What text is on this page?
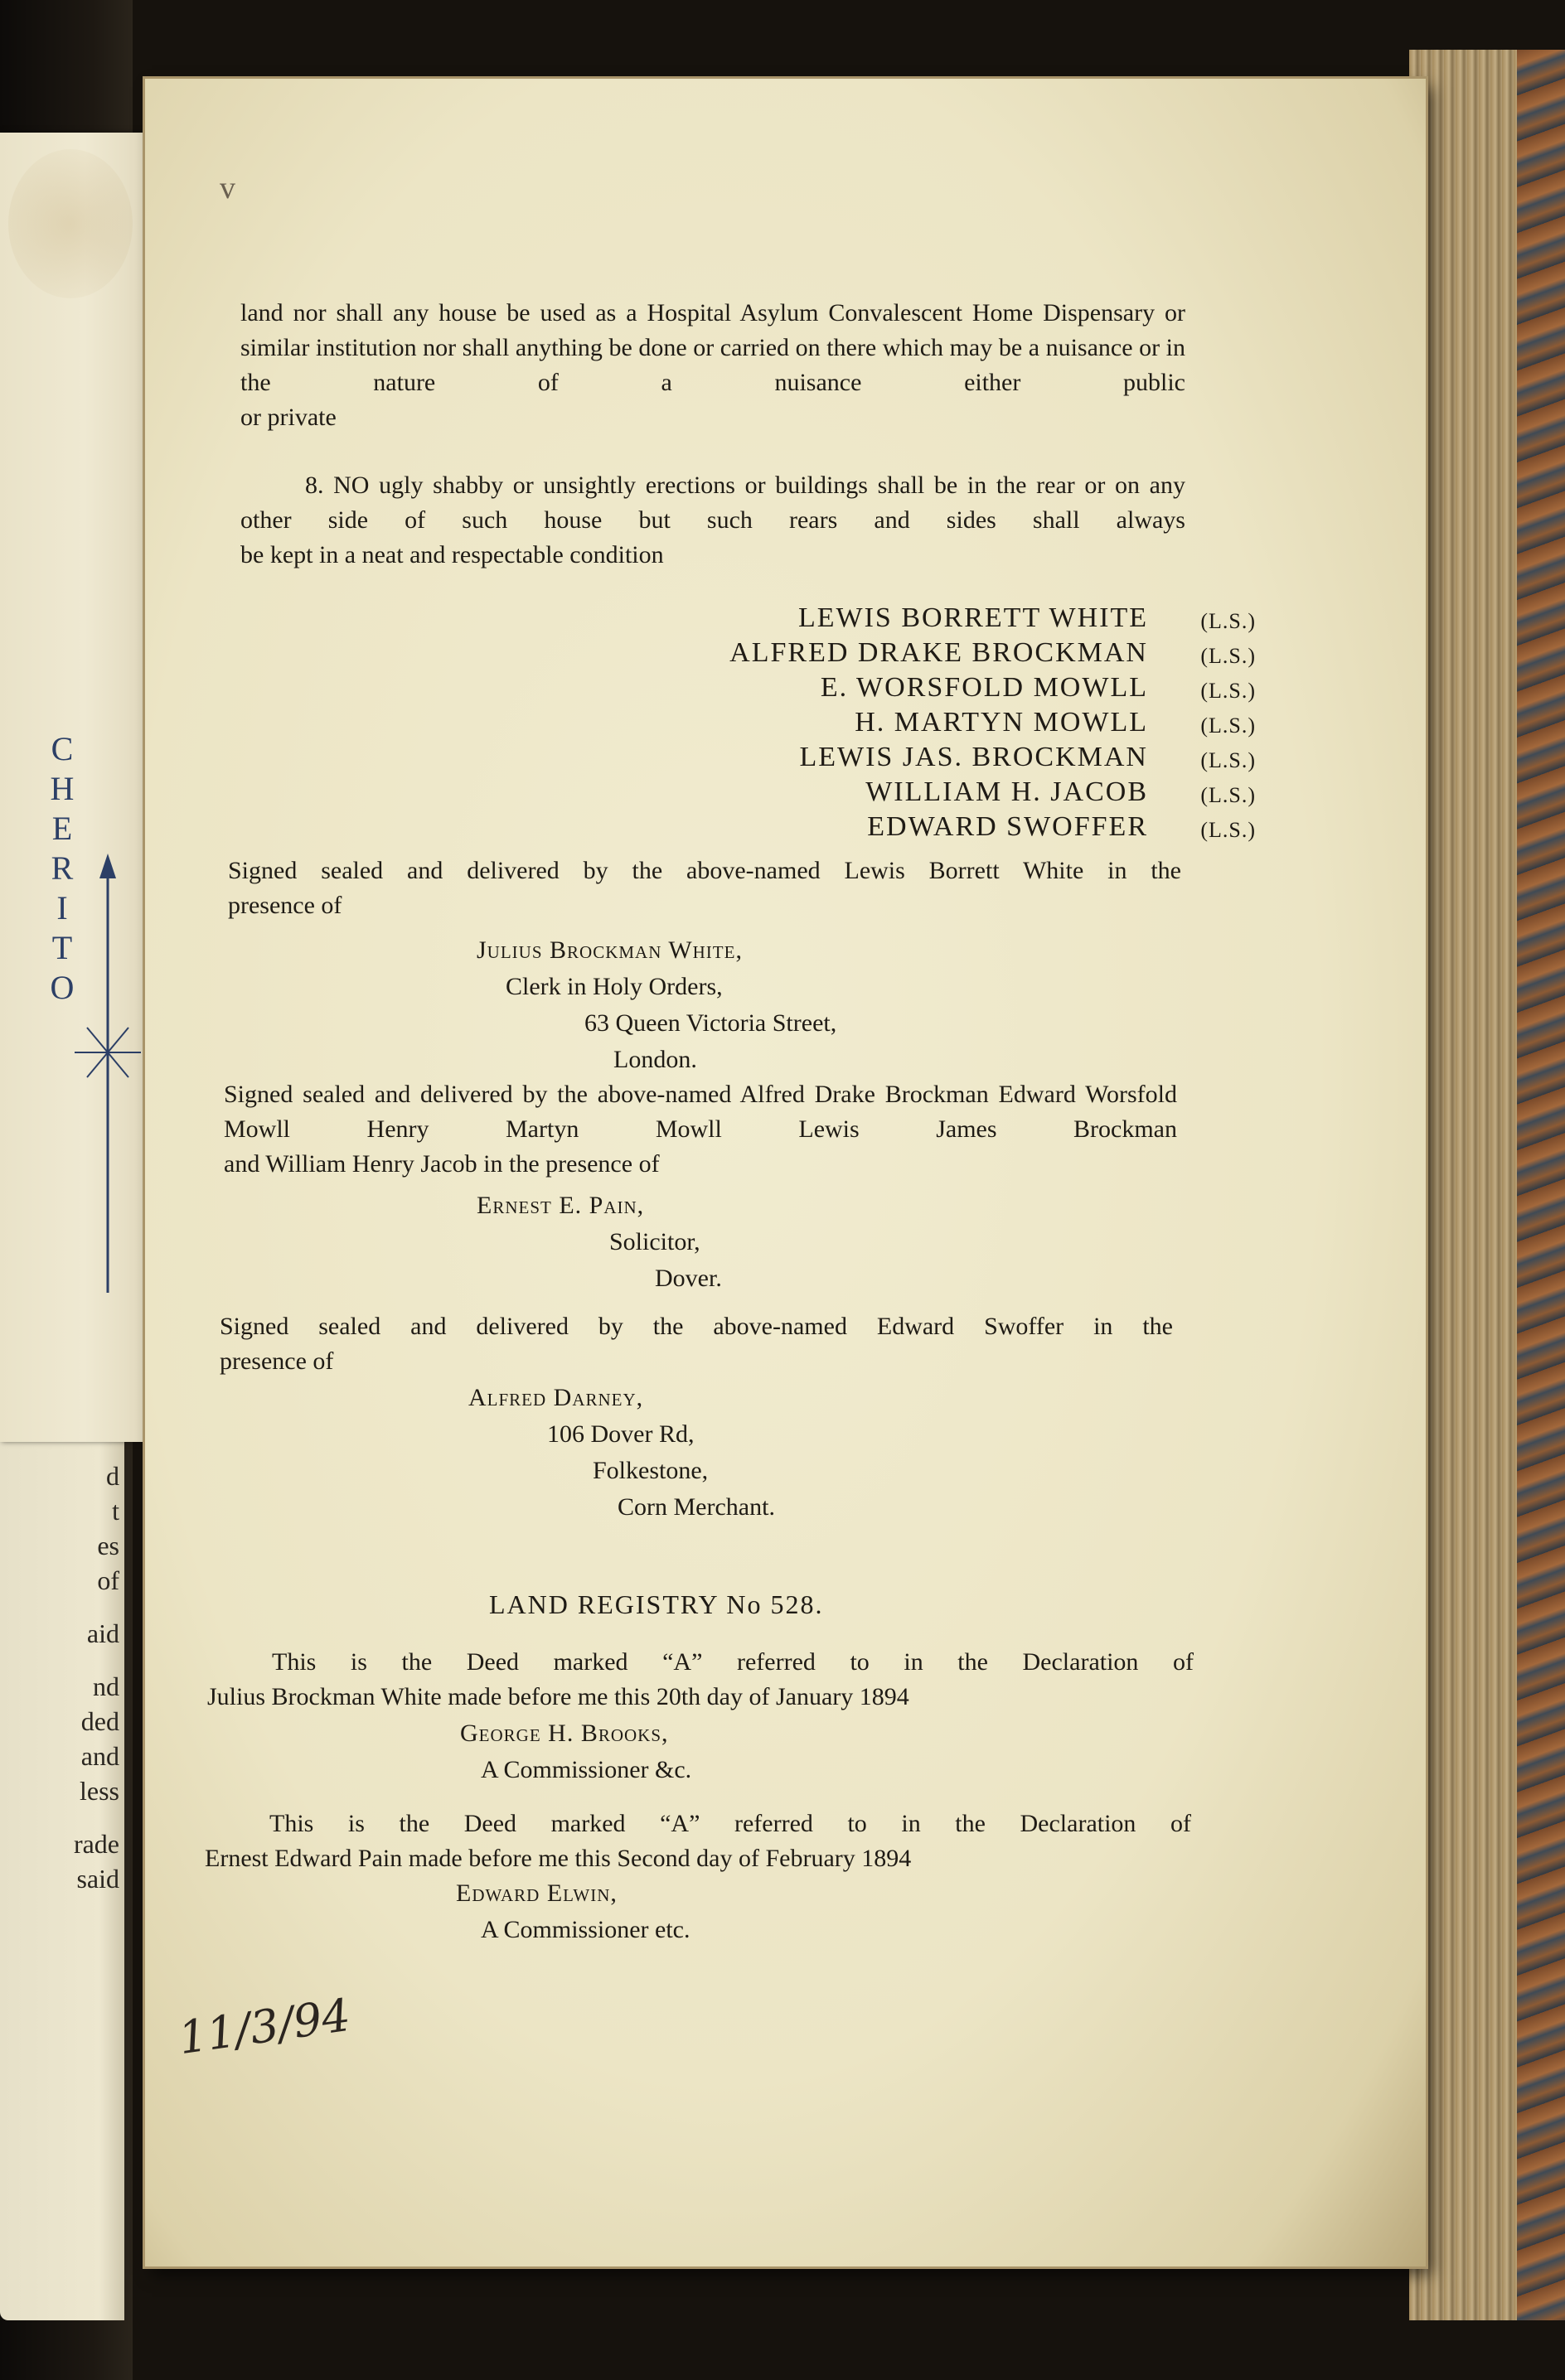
d
t
es
of
aid
nd
ded
and
less
rade
said
C
H
E
R
I
T
O
v
land nor shall any house be used as a Hospital Asylum Convalescent Home Dispensary or similar institution nor shall anything be done or carried on there which may be a nuisance or in the nature of a nuisance either public
or private
8. NO ugly shabby or unsightly erections or buildings shall be in the rear or on any other side of such house but such rears and sides shall always
be kept in a neat and respectable condition
LEWIS BORRETT WHITE (L.S.)
ALFRED DRAKE BROCKMAN (L.S.)
E. WORSFOLD MOWLL (L.S.)
H. MARTYN MOWLL (L.S.)
LEWIS JAS. BROCKMAN (L.S.)
WILLIAM H. JACOB (L.S.)
EDWARD SWOFFER (L.S.)
Signed sealed and delivered by the above-named Lewis Borrett White in the
presence of
Julius Brockman White,
Clerk in Holy Orders,
63 Queen Victoria Street,
London.
Signed sealed and delivered by the above-named Alfred Drake Brockman Edward Worsfold Mowll Henry Martyn Mowll Lewis James Brockman
and William Henry Jacob in the presence of
Ernest E. Pain,
Solicitor,
Dover.
Signed sealed and delivered by the above-named Edward Swoffer in the
presence of
Alfred Darney,
106 Dover Rd,
Folkestone,
Corn Merchant.
LAND REGISTRY No 528.
This is the Deed marked “A” referred to in the Declaration of
Julius Brockman White made before me this 20th day of January 1894
George H. Brooks,
A Commissioner &c.
This is the Deed marked “A” referred to in the Declaration of
Ernest Edward Pain made before me this Second day of February 1894
Edward Elwin,
A Commissioner etc.
11/3/94
